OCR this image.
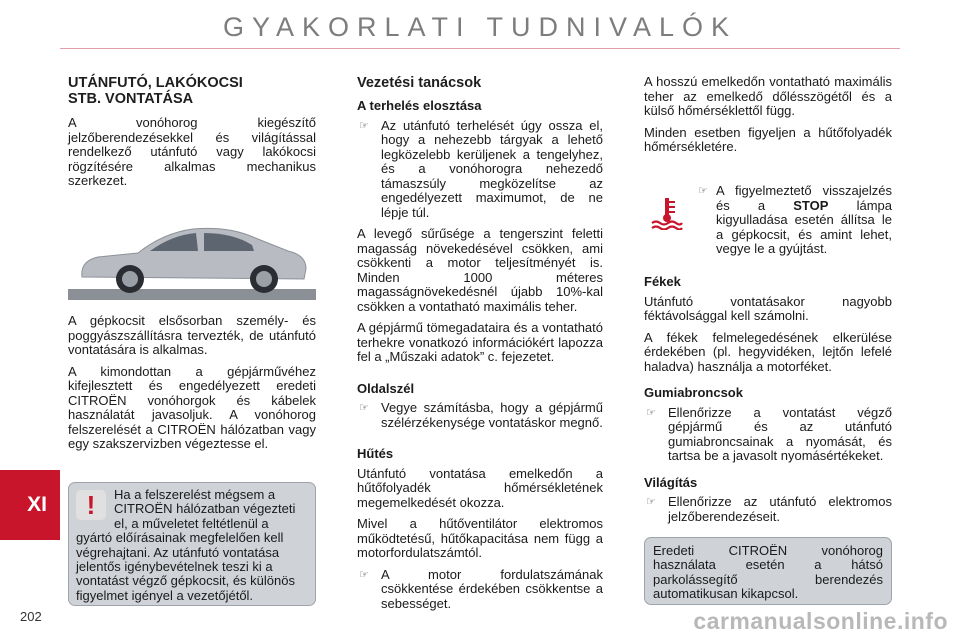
GYAKORLATI TUDNIVALÓK
XI
202	carmanualsonline.info
UTÁNFUTÓ, LAKÓKOCSI
STB. VONTATÁSA

A vonóhorog kiegészítő jelzőberendezésekkel és világítással rendelkező utánfutó vagy lakókocsi rögzítésére alkalmas mechanikus szerkezet.

A gépkocsit elsősorban személy- és poggyászszállításra tervezték, de utánfutó vontatására is alkalmas.

A kimondottan a gépjárművéhez kifejlesztett és engedélyezett eredeti CITROËN vonóhorgok és kábelek használatát javasoljuk. A vonóhorog felszerelését a CITROËN hálózatban vagy egy szakszervizben végeztesse el.

!	Ha a felszerelést mégsem a CITROËN hálózatban végezteti el, a műveletet feltétlenül a gyártó előírásainak megfelelően kell végrehajtani. Az utánfutó vontatása jelentős igénybevételnek teszi ki a vontatást végző gépkocsit, és különös figyelmet igényel a vezetőjétől.
Vezetési tanácsok
A terhelés elosztása
☞ Az utánfutó terhelését úgy ossza el, hogy a nehezebb tárgyak a lehető legközelebb kerüljenek a tengelyhez, és a vonóhorogra nehezedő támaszsúly megközelítse az engedélyezett maximumot, de ne lépje túl.

A levegő sűrűsége a tengerszint feletti magasság növekedésével csökken, ami csökkenti a motor teljesítményét is. Minden 1000 méteres magasságnövekedésnél újabb 10%-kal csökken a vontatható maximális teher.

A gépjármű tömegadataira és a vontatható terhekre vonatkozó információkért lapozza fel a „Műszaki adatok” c. fejezetet.

Oldalszél
☞ Vegye számításba, hogy a gépjármű szélérzékenysége vontatáskor megnő.
Hűtés

Utánfutó vontatása emelkedőn a hűtőfolyadék hőmérsékletének megemelkedését okozza.

Mivel a hűtőventilátor elektromos működtetésű, hűtőkapacitása nem függ a motorfordulatszámtól.

☞ A motor fordulatszámának csökkentése érdekében csökkentse a sebességet.

A hosszú emelkedőn vontatható maximális teher az emelkedő dőlésszögétől és a külső hőmérséklettől függ.

Minden esetben figyeljen a hűtőfolyadék hőmérsékletére.

☞ A figyelmeztető visszajelzés és a STOP lámpa kigyulladása esetén állítsa le a gépkocsit, és amint lehet, vegye le a gyújtást.
Fékek

Utánfutó vontatásakor nagyobb féktávolsággal kell számolni.

A fékek felmelegedésének elkerülése érdekében (pl. hegyvidéken, lejtőn lefelé haladva) használja a motorféket.

Gumiabroncsok
☞ Ellenőrizze a vontatást végző gépjármű és az utánfutó gumiabroncsainak a nyomását, és tartsa be a javasolt nyomásértékeket.
Világítás
☞ Ellenőrizze az utánfutó elektromos jelzőberendezéseit.
Eredeti CITROËN vonóhorog használata esetén a hátsó parkolássegítő berendezés automatikusan kikapcsol.
